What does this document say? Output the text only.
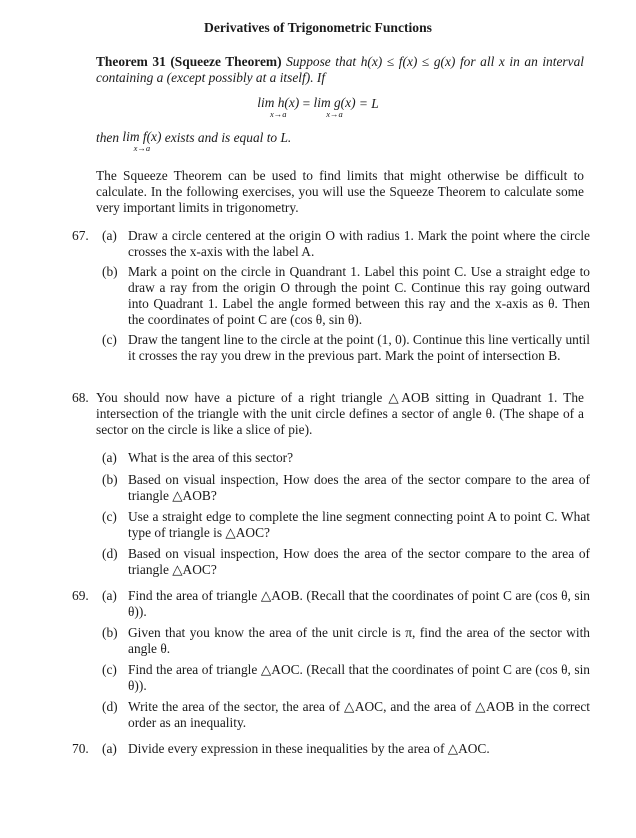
Derivatives of Trigonometric Functions
Theorem 31 (Squeeze Theorem) Suppose that h(x) ≤ f(x) ≤ g(x) for all x in an interval containing a (except possibly at a itself). If
lim h(x)
x→a
= lim g(x)
x→a
= L
then lim f(x)
x→a
exists and is equal to L.
The Squeeze Theorem can be used to find limits that might otherwise be difficult to calculate. In the following exercises, you will use the Squeeze Theorem to calculate some very important limits in trigonometry.
67. (a) Draw a circle centered at the origin O with radius 1. Mark the point where the circle crosses the x-axis with the label A.
(b) Mark a point on the circle in Quandrant 1. Label this point C. Use a straight edge to draw a ray from the origin O through the point C. Continue this ray going outward into Quadrant 1. Label the angle formed between this ray and the x-axis as θ. Then the coordinates of point C are (cos θ, sin θ).
(c) Draw the tangent line to the circle at the point (1, 0). Continue this line vertically until it crosses the ray you drew in the previous part. Mark the point of intersection B.
68. You should now have a picture of a right triangle △AOB sitting in Quadrant 1. The intersection of the triangle with the unit circle defines a sector of angle θ. (The shape of a sector on the circle is like a slice of pie).
(a) What is the area of this sector?
(b) Based on visual inspection, How does the area of the sector compare to the area of triangle △AOB?
(c) Use a straight edge to complete the line segment connecting point A to point C. What type of triangle is △AOC?
(d) Based on visual inspection, How does the area of the sector compare to the area of triangle △AOC?
69. (a) Find the area of triangle △AOB. (Recall that the coordinates of point C are (cos θ, sin θ)).
(b) Given that you know the area of the unit circle is π, find the area of the sector with angle θ.
(c) Find the area of triangle △AOC. (Recall that the coordinates of point C are (cos θ, sin θ)).
(d) Write the area of the sector, the area of △AOC, and the area of △AOB in the correct order as an inequality.
70. (a) Divide every expression in these inequalities by the area of △AOC.
